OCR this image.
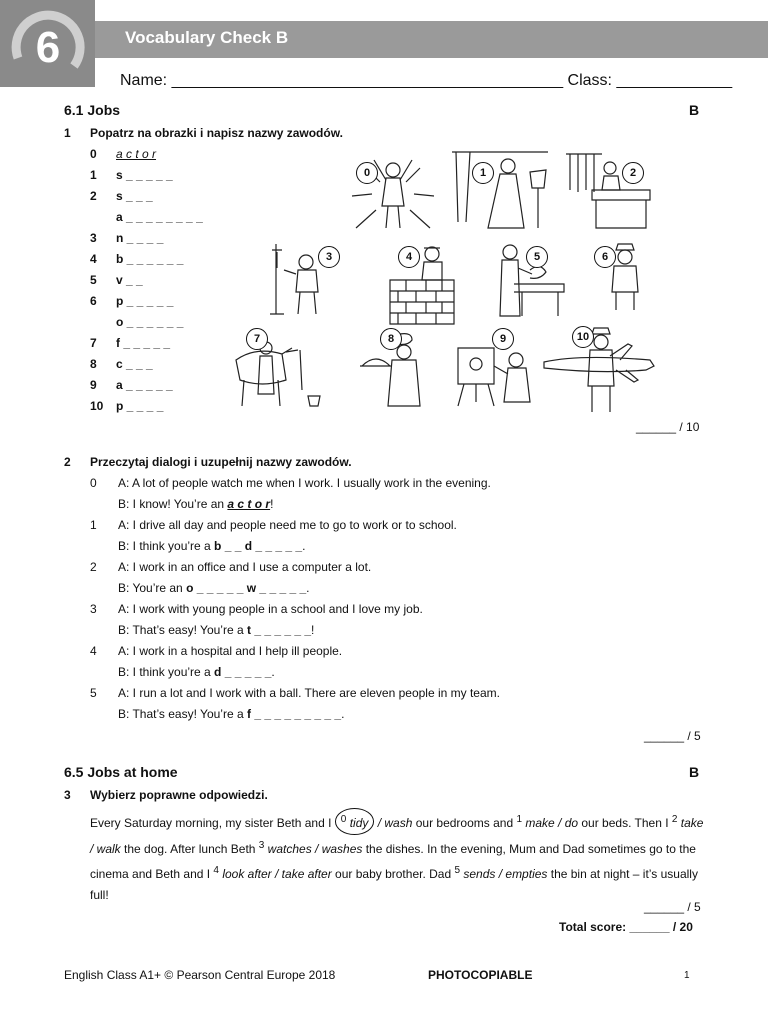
6	Vocabulary Check B
Name: ____________________________________________ Class: _____________
6.1 Jobs	B
1 Popatrz na obrazki i napisz nazwy zawodów.
0 a c t o r
1 s _ _ _ _ _
2 s _ _ _
a _ _ _ _ _ _ _ _
3 n _ _ _ _
4 b _ _ _ _ _ _
5 v _ _
6 p _ _ _ _ _
o _ _ _ _ _ _
7 f _ _ _ _ _
8 c _ _ _
9 a _ _ _ _ _
10 p _ _ _ _
0	1	2
3	4	5	6
7	8	9	10
______ / 10
2 Przeczytaj dialogi i uzupełnij nazwy zawodów.
0 A: A lot of people watch me when I work. I usually work in the evening.
B: I know! You’re an a c t o r!
1 A: I drive all day and people need me to go to work or to school.
B: I think you’re a b _ _ d _ _ _ _ _.
2 A: I work in an office and I use a computer a lot.
B: You’re an o _ _ _ _ _ w _ _ _ _ _.
3 A: I work with young people in a school and I love my job.
B: That’s easy! You’re a t _ _ _ _ _ _!
4 A: I work in a hospital and I help ill people.
B: I think you’re a d _ _ _ _ _.
5 A: I run a lot and I work with a ball. There are eleven people in my team.
B: That’s easy! You’re a f _ _ _ _ _ _ _ _ _.
______ / 5
6.5 Jobs at home	B
3 Wybierz poprawne odpowiedzi.
Every Saturday morning, my sister Beth and I $^0$ tidy / wash our bedrooms and $^1$ make / do our beds. Then I $^2$ take / walk the dog. After lunch Beth $^3$ watches / washes the dishes. In the evening, Mum and Dad sometimes go to the cinema and Beth and I $^4$ look after / take after our baby brother. Dad $^5$ sends / empties the bin at night – it’s usually full!
______ / 5
Total score: ______ / 20
English Class A1+ © Pearson Central Europe 2018	PHOTOCOPIABLE	1
